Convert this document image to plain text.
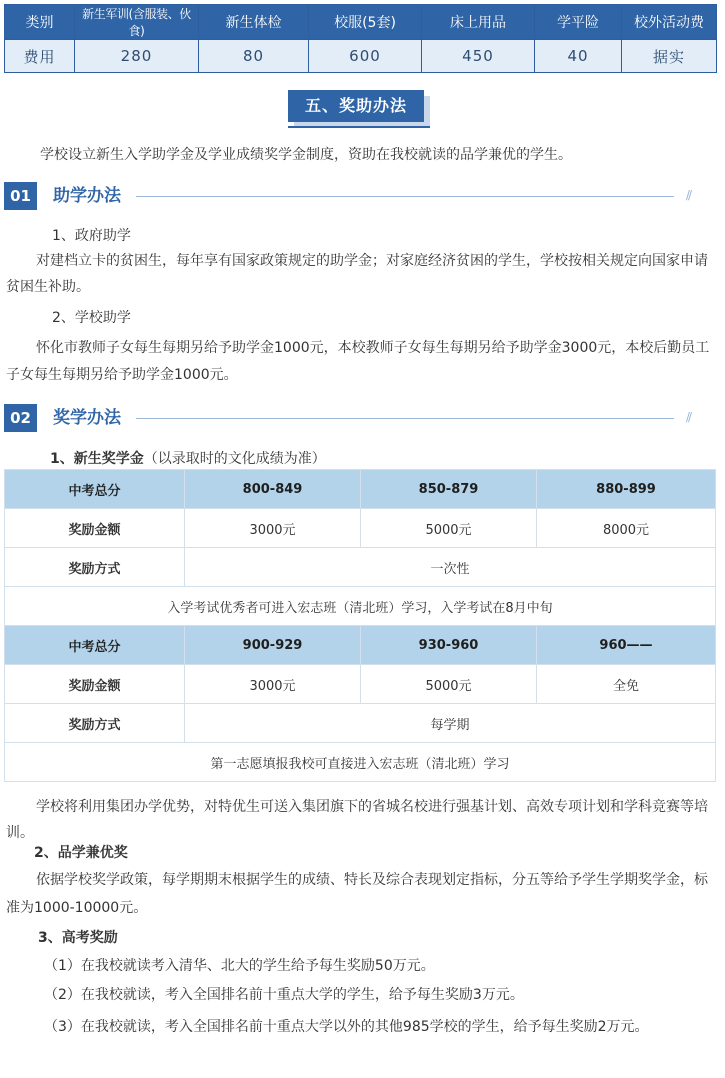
类别	新生军训(含服装、伙食)	新生体检	校服(5套)	床上用品	学平险	校外活动费
费用	280	80	600	450	40	据实
五、奖助办法

学校设立新生入学助学金及学业成绩奖学金制度，资助在我校就读的品学兼优的学生。

01	助学办法	//

1、政府助学

对建档立卡的贫困生，每年享有国家政策规定的助学金；对家庭经济贫困的学生，学校按相关规定向国家申请贫困生补助。

2、学校助学

怀化市教师子女每生每期另给予助学金1000元，本校教师子女每生每期另给予助学金3000元，本校后勤员工子女每生每期另给予助学金1000元。

02	奖学办法	//

1、新生奖学金（以录取时的文化成绩为准）

中考总分	800-849	850-879	880-899
奖励金额	3000元	5000元	8000元
奖励方式	一次性		
入学考试优秀者可进入宏志班（清北班）学习，入学考试在8月中旬			
中考总分	900-929	930-960	960——
奖励金额	3000元	5000元	全免
奖励方式	每学期		
第一志愿填报我校可直接进入宏志班（清北班）学习			

学校将利用集团办学优势，对特优生可送入集团旗下的省城名校进行强基计划、高效专项计划和学科竞赛等培训。

2、品学兼优奖

依据学校奖学政策，每学期期末根据学生的成绩、特长及综合表现划定指标，分五等给予学生学期奖学金，标准为1000-10000元。

3、高考奖励

（1）在我校就读考入清华、北大的学生给予每生奖励50万元。

（2）在我校就读，考入全国排名前十重点大学的学生，给予每生奖励3万元。

（3）在我校就读，考入全国排名前十重点大学以外的其他985学校的学生，给予每生奖励2万元。
